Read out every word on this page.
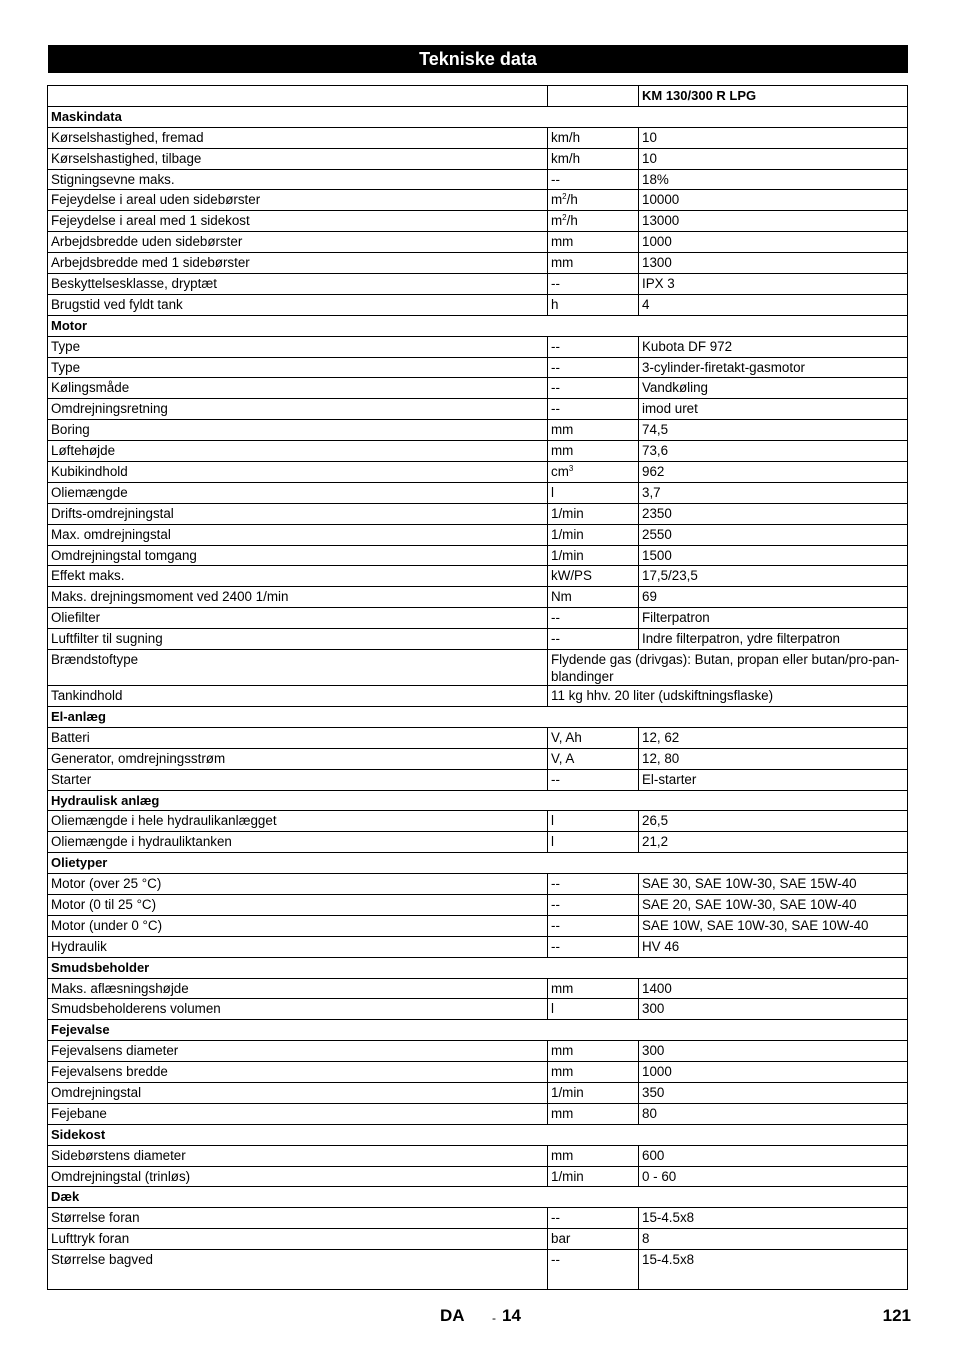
Tekniske data
		KM 130/300 R LPG
Maskindata		
Kørselshastighed, fremad	km/h	10
Kørselshastighed, tilbage	km/h	10
Stigningsevne maks.	--	18%
Fejeydelse i areal uden sidebørster	$m^2/h$	10000
Fejeydelse i areal med 1 sidekost	$m^2/h$	13000
Arbejdsbredde uden sidebørster	mm	1000
Arbejdsbredde med 1 sidebørster	mm	1300
Beskyttelsesklasse, dryptæt	--	IPX 3
Brugstid ved fyldt tank	h	4
Motor		
Type	--	Kubota DF 972
Type	--	3-cylinder-firetakt-gasmotor
Kølingsmåde	--	Vandkøling
Omdrejningsretning	--	imod uret
Boring	mm	74,5
Løftehøjde	mm	73,6
Kubikindhold	$cm^3$	962
Oliemængde	l	3,7
Drifts-omdrejningstal	1/min	2350
Max. omdrejningstal	1/min	2550
Omdrejningstal tomgang	1/min	1500
Effekt maks.	kW/PS	17,5/23,5
Maks. drejningsmoment ved 2400 1/min	Nm	69
Oliefilter	--	Filterpatron
Luftfilter til sugning	--	Indre filterpatron, ydre filterpatron
Brændstoftype	Flydende gas (drivgas): Butan, propan eller butan/pro-pan-blandinger	
Tankindhold	11 kg hhv. 20 liter (udskiftningsflaske)	
El-anlæg		
Batteri	V, Ah	12, 62
Generator, omdrejningsstrøm	V, A	12, 80
Starter	--	El-starter
Hydraulisk anlæg		
Oliemængde i hele hydraulikanlægget	l	26,5
Oliemængde i hydrauliktanken	l	21,2
Olietyper		
Motor (over 25 °C)	--	SAE 30, SAE 10W-30, SAE 15W-40
Motor (0 til 25 °C)	--	SAE 20, SAE 10W-30, SAE 10W-40
Motor (under 0 °C)	--	SAE 10W, SAE 10W-30, SAE 10W-40
Hydraulik	--	HV 46
Smudsbeholder		
Maks. aflæsningshøjde	mm	1400
Smudsbeholderens volumen	l	300
Fejevalse		
Fejevalsens diameter	mm	300
Fejevalsens bredde	mm	1000
Omdrejningstal	1/min	350
Fejebane	mm	80
Sidekost		
Sidebørstens diameter	mm	600
Omdrejningstal (trinløs)	1/min	0 - 60
Dæk		
Størrelse foran	--	15-4.5x8
Lufttryk foran	bar	8
Størrelse bagved	--	15-4.5x8
DA - 14	121
